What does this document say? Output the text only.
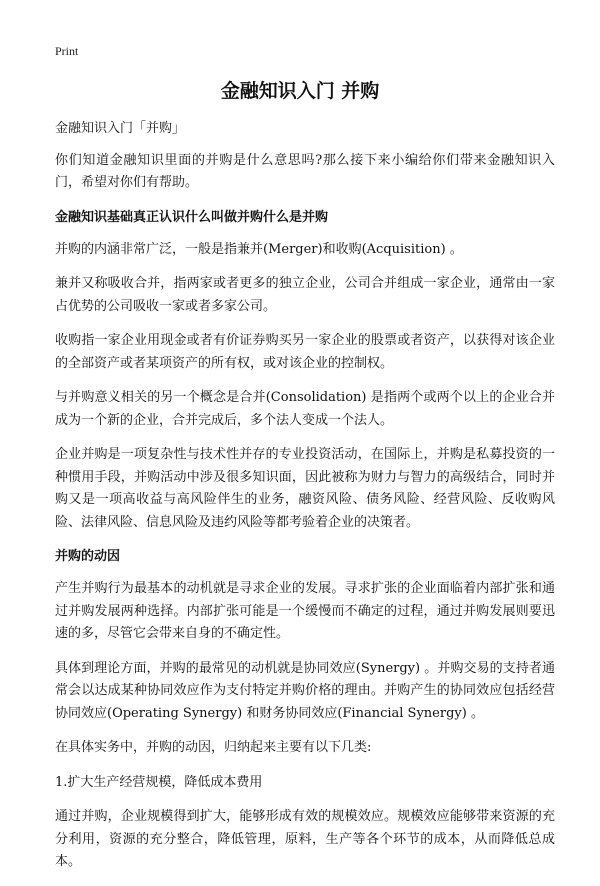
Print
金融知识入门 并购

金融知识入门「并购」

你们知道金融知识里面的并购是什么意思吗?那么接下来小编给你们带来金融知识入门，希望对你们有帮助。

金融知识基础真正认识什么叫做并购什么是并购

并购的内涵非常广泛，一般是指兼并(Merger)和收购(Acquisition) 。

兼并又称吸收合并，指两家或者更多的独立企业，公司合并组成一家企业，通常由一家占优势的公司吸收一家或者多家公司。

收购指一家企业用现金或者有价证券购买另一家企业的股票或者资产，以获得对该企业的全部资产或者某项资产的所有权，或对该企业的控制权。

与并购意义相关的另一个概念是合并(Consolidation) 是指两个或两个以上的企业合并成为一个新的企业，合并完成后，多个法人变成一个法人。

企业并购是一项复杂性与技术性并存的专业投资活动，在国际上，并购是私募投资的一种惯用手段，并购活动中涉及很多知识面，因此被称为财力与智力的高级结合，同时并购又是一项高收益与高风险伴生的业务，融资风险、债务风险、经营风险、反收购风险、法律风险、信息风险及违约风险等都考验着企业的决策者。

并购的动因

产生并购行为最基本的动机就是寻求企业的发展。寻求扩张的企业面临着内部扩张和通过并购发展两种选择。内部扩张可能是一个缓慢而不确定的过程，通过并购发展则要迅速的多，尽管它会带来自身的不确定性。

具体到理论方面，并购的最常见的动机就是协同效应(Synergy) 。并购交易的支持者通常会以达成某种协同效应作为支付特定并购价格的理由。并购产生的协同效应包括经营协同效应(Operating Synergy) 和财务协同效应(Financial Synergy) 。

在具体实务中，并购的动因，归纳起来主要有以下几类:

1.扩大生产经营规模，降低成本费用

通过并购，企业规模得到扩大，能够形成有效的规模效应。规模效应能够带来资源的充分利用，资源的充分整合，降低管理，原料，生产等各个环节的成本，从而降低总成本。
